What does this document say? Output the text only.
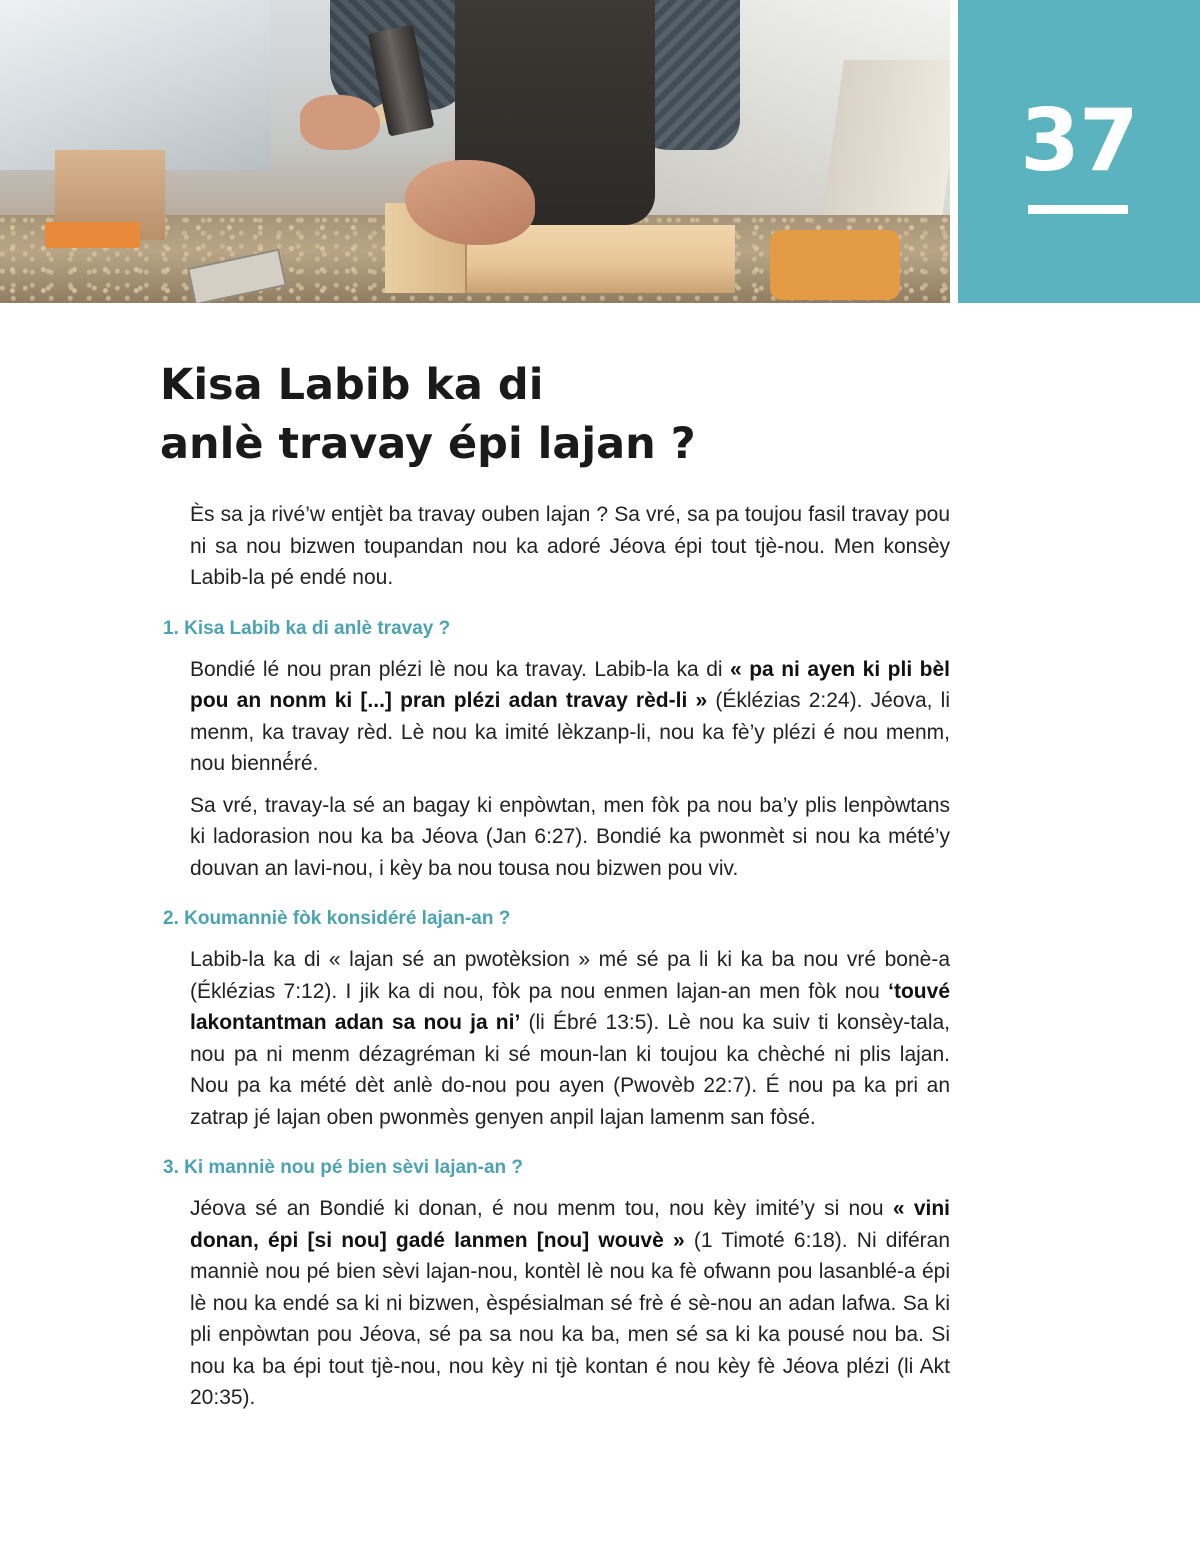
37
Kisa Labib ka di
anlè travay épi lajan ?

Ès sa ja rivé’w entjèt ba travay ouben lajan ? Sa vré, sa pa toujou fasil travay pou ni sa nou bizwen toupandan nou ka adoré Jéova épi tout tjè-nou. Men konsèy Labib-la pé endé nou.

1. Kisa Labib ka di anlè travay ?

Bondié lé nou pran plézi lè nou ka travay. Labib-la ka di « pa ni ayen ki pli bèl pou an nonm ki [...] pran plézi adan travay rèd-li » (Éklézias 2:24). Jéova, li menm, ka travay rèd. Lè nou ka imité lèkzanp-li, nou ka fè’y plézi é nou menm, nou bienné́ré.

Sa vré, travay-la sé an bagay ki enpòwtan, men fòk pa nou ba’y plis lenpòwtans ki ladorasion nou ka ba Jéova (Jan 6:27). Bondié ka pwonmèt si nou ka mété’y douvan an lavi-nou, i kèy ba nou tousa nou bizwen pou viv.

2. Koumanniè fòk konsidéré lajan-an ?

Labib-la ka di « lajan sé an pwotèksion » mé sé pa li ki ka ba nou vré bonè-a (Éklézias 7:12). I jik ka di nou, fòk pa nou enmen lajan-an men fòk nou ‘touvé lakontantman adan sa nou ja ni’ (li Ébré 13:5). Lè nou ka suiv ti konsèy-tala, nou pa ni menm dézagréman ki sé moun-lan ki toujou ka chèché ni plis lajan. Nou pa ka mété dèt anlè do-nou pou ayen (Pwovèb 22:7). É nou pa ka pri an zatrap jé lajan oben pwonmès genyen anpil lajan lamenm san fòsé.

3. Ki manniè nou pé bien sèvi lajan-an ?

Jéova sé an Bondié ki donan, é nou menm tou, nou kèy imité’y si nou « vini donan, épi [si nou] gadé lanmen [nou] wouvè » (1 Timoté 6:18). Ni diféran manniè nou pé bien sèvi lajan-nou, kontèl lè nou ka fè ofwann pou lasanblé-a épi lè nou ka endé sa ki ni bizwen, èspésialman sé frè é sè-nou an adan lafwa. Sa ki pli enpòwtan pou Jéova, sé pa sa nou ka ba, men sé sa ki ka pousé nou ba. Si nou ka ba épi tout tjè-nou, nou kèy ni tjè kontan é nou kèy fè Jéova plézi (li Akt 20:35).
